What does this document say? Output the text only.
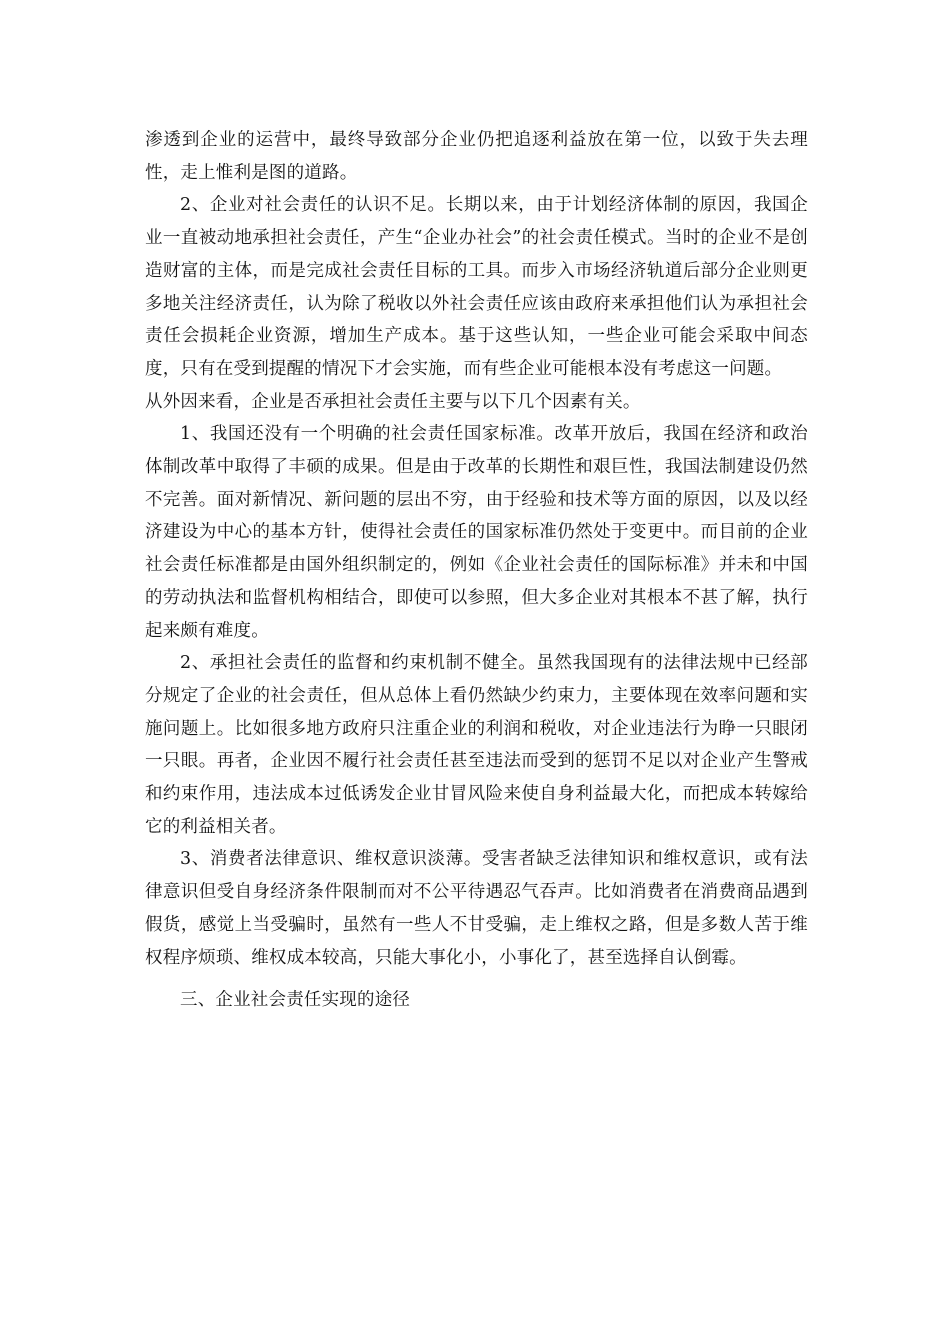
渗透到企业的运营中，最终导致部分企业仍把追逐利益放在第一位，以致于失去理性，走上惟利是图的道路。

2、企业对社会责任的认识不足。长期以来，由于计划经济体制的原因，我国企业一直被动地承担社会责任，产生“企业办社会”的社会责任模式。当时的企业不是创造财富的主体，而是完成社会责任目标的工具。而步入市场经济轨道后部分企业则更多地关注经济责任，认为除了税收以外社会责任应该由政府来承担他们认为承担社会责任会损耗企业资源，增加生产成本。基于这些认知，一些企业可能会采取中间态度，只有在受到提醒的情况下才会实施，而有些企业可能根本没有考虑这一问题。

从外因来看，企业是否承担社会责任主要与以下几个因素有关。

1、我国还没有一个明确的社会责任国家标准。改革开放后，我国在经济和政治体制改革中取得了丰硕的成果。但是由于改革的长期性和艰巨性，我国法制建设仍然不完善。面对新情况、新问题的层出不穷，由于经验和技术等方面的原因，以及以经济建设为中心的基本方针，使得社会责任的国家标准仍然处于变更中。而目前的企业社会责任标准都是由国外组织制定的，例如《企业社会责任的国际标准》并未和中国的劳动执法和监督机构相结合，即使可以参照，但大多企业对其根本不甚了解，执行起来颇有难度。

2、承担社会责任的监督和约束机制不健全。虽然我国现有的法律法规中已经部分规定了企业的社会责任，但从总体上看仍然缺少约束力，主要体现在效率问题和实施问题上。比如很多地方政府只注重企业的利润和税收，对企业违法行为睁一只眼闭一只眼。再者，企业因不履行社会责任甚至违法而受到的惩罚不足以对企业产生警戒和约束作用，违法成本过低诱发企业甘冒风险来使自身利益最大化，而把成本转嫁给它的利益相关者。

3、消费者法律意识、维权意识淡薄。受害者缺乏法律知识和维权意识，或有法律意识但受自身经济条件限制而对不公平待遇忍气吞声。比如消费者在消费商品遇到假货，感觉上当受骗时，虽然有一些人不甘受骗，走上维权之路，但是多数人苦于维权程序烦琐、维权成本较高，只能大事化小，小事化了，甚至选择自认倒霉。

三、企业社会责任实现的途径
